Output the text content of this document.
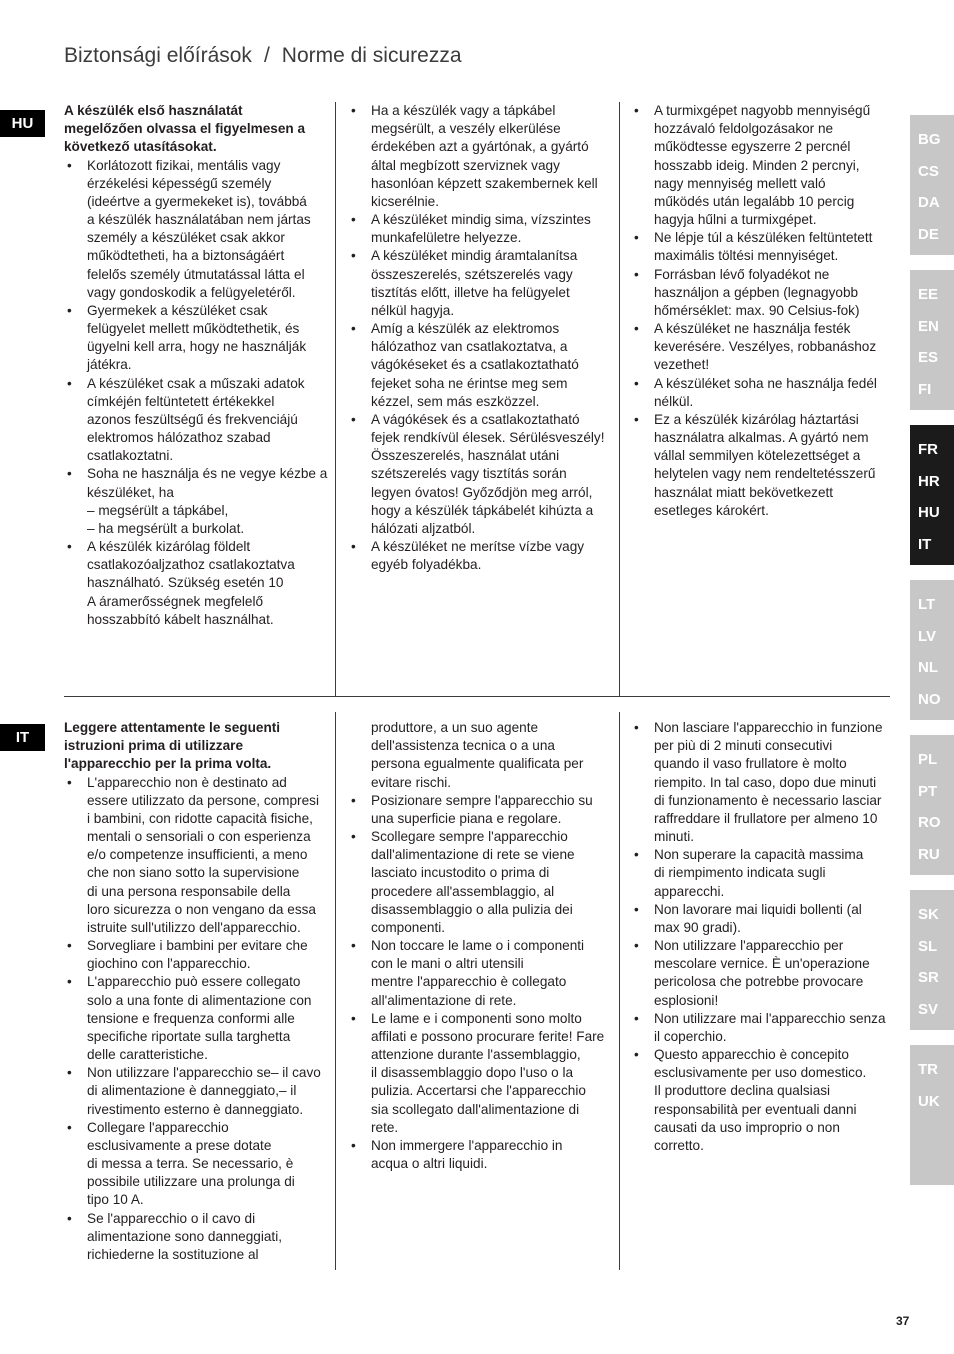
Biztonsági előírások / Norme di sicurezza
HU
A készülék első használatát
megelőzően olvassa el figyelmesen a
következő utasításokat.
• Korlátozott fizikai, mentális vagy
érzékelési képességű személy
(ideértve a gyermekeket is), továbbá
a készülék használatában nem jártas
személy a készüléket csak akkor
működtetheti, ha a biztonságáért
felelős személy útmutatással látta el
vagy gondoskodik a felügyeletéről.
• Gyermekek a készüléket csak
felügyelet mellett működtethetik, és
ügyelni kell arra, hogy ne használják
játékra.
• A készüléket csak a műszaki adatok
címkéjén feltüntetett értékekkel
azonos feszültségű és frekvenciájú
elektromos hálózathoz szabad
csatlakoztatni.
• Soha ne használja és ne vegye kézbe a
készüléket, ha
– megsérült a tápkábel,
– ha megsérült a burkolat.
• A készülék kizárólag földelt
csatlakozóaljzathoz csatlakoztatva
használható. Szükség esetén 10
A áramerősségnek megfelelő
hosszabbító kábelt használhat.
• Ha a készülék vagy a tápkábel
megsérült, a veszély elkerülése
érdekében azt a gyártónak, a gyártó
által megbízott szerviznek vagy
hasonlóan képzett szakembernek kell
kicserélnie.
• A készüléket mindig sima, vízszintes
munkafelületre helyezze.
• A készüléket mindig áramtalanítsa
összeszerelés, szétszerelés vagy
tisztítás előtt, illetve ha felügyelet
nélkül hagyja.
• Amíg a készülék az elektromos
hálózathoz van csatlakoztatva, a
vágókéseket és a csatlakoztatható
fejeket soha ne érintse meg sem
kézzel, sem más eszközzel.
• A vágókések és a csatlakoztatható
fejek rendkívül élesek. Sérülésveszély!
Összeszerelés, használat utáni
szétszerelés vagy tisztítás során
legyen óvatos! Győződjön meg arról,
hogy a készülék tápkábelét kihúzta a
hálózati aljzatból.
• A készüléket ne merítse vízbe vagy
egyéb folyadékba.
• A turmixgépet nagyobb mennyiségű
hozzávaló feldolgozásakor ne
működtesse egyszerre 2 percnél
hosszabb ideig. Minden 2 percnyi,
nagy mennyiség mellett való
működés után legalább 10 percig
hagyja hűlni a turmixgépet.
• Ne lépje túl a készüléken feltüntetett
maximális töltési mennyiséget.
• Forrásban lévő folyadékot ne
használjon a gépben (legnagyobb
hőmérséklet: max. 90 Celsius-fok)
• A készüléket ne használja festék
keverésére. Veszélyes, robbanáshoz
vezethet!
• A készüléket soha ne használja fedél
nélkül.
• Ez a készülék kizárólag háztartási
használatra alkalmas. A gyártó nem
vállal semmilyen kötelezettséget a
helytelen vagy nem rendeltetésszerű
használat miatt bekövetkezett
esetleges károkért.
IT
Leggere attentamente le seguenti
istruzioni prima di utilizzare
l'apparecchio per la prima volta.
• L'apparecchio non è destinato ad
essere utilizzato da persone, compresi
i bambini, con ridotte capacità fisiche,
mentali o sensoriali o con esperienza
e/o competenze insufficienti, a meno
che non siano sotto la supervisione
di una persona responsabile della
loro sicurezza o non vengano da essa
istruite sull'utilizzo dell'apparecchio.
• Sorvegliare i bambini per evitare che
giochino con l'apparecchio.
• L'apparecchio può essere collegato
solo a una fonte di alimentazione con
tensione e frequenza conformi alle
specifiche riportate sulla targhetta
delle caratteristiche.
• Non utilizzare l'apparecchio se– il cavo
di alimentazione è danneggiato,– il
rivestimento esterno è danneggiato.
• Collegare l'apparecchio
esclusivamente a prese dotate
di messa a terra. Se necessario, è
possibile utilizzare una prolunga di
tipo 10 A.
• Se l'apparecchio o il cavo di
alimentazione sono danneggiati,
richiederne la sostituzione al
produttore, a un suo agente
dell'assistenza tecnica o a una
persona egualmente qualificata per
evitare rischi.
• Posizionare sempre l'apparecchio su
una superficie piana e regolare.
• Scollegare sempre l'apparecchio
dall'alimentazione di rete se viene
lasciato incustodito o prima di
procedere all'assemblaggio, al
disassemblaggio o alla pulizia dei
componenti.
• Non toccare le lame o i componenti
con le mani o altri utensili
mentre l'apparecchio è collegato
all'alimentazione di rete.
• Le lame e i componenti sono molto
affilati e possono procurare ferite! Fare
attenzione durante l'assemblaggio,
il disassemblaggio dopo l'uso o la
pulizia. Accertarsi che l'apparecchio
sia scollegato dall'alimentazione di
rete.
• Non immergere l'apparecchio in
acqua o altri liquidi.
• Non lasciare l'apparecchio in funzione
per più di 2 minuti consecutivi
quando il vaso frullatore è molto
riempito. In tal caso, dopo due minuti
di funzionamento è necessario lasciar
raffreddare il frullatore per almeno 10
minuti.
• Non superare la capacità massima
di riempimento indicata sugli
apparecchi.
• Non lavorare mai liquidi bollenti (al
max 90 gradi).
• Non utilizzare l'apparecchio per
mescolare vernice. È un'operazione
pericolosa che potrebbe provocare
esplosioni!
• Non utilizzare mai l'apparecchio senza
il coperchio.
• Questo apparecchio è concepito
esclusivamente per uso domestico.
Il produttore declina qualsiasi
responsabilità per eventuali danni
causati da uso improprio o non
corretto.
BG
CS
DA
DE
EE
EN
ES
FI
FR
HR
HU
IT
LT
LV
NL
NO
PL
PT
RO
RU
SK
SL
SR
SV
TR
UK
37
